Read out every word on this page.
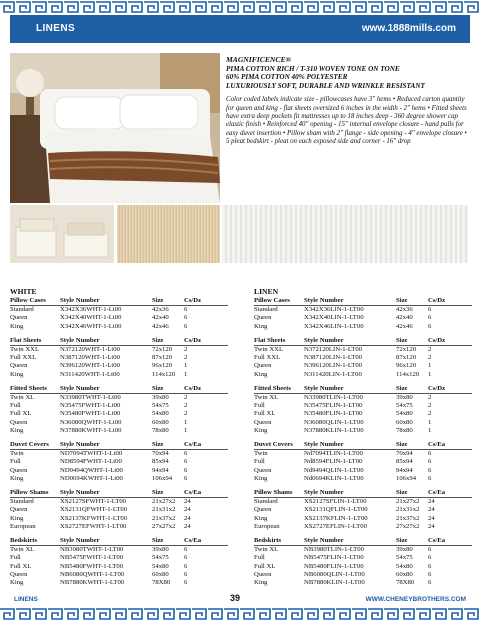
LINENS	www.1888mills.com

MAGNIFICENCE®

PIMA COTTON RICH / T-310 WOVEN TONE ON TONE

60% PIMA COTTON 40% POLYESTER

LUXURIOUSLY SOFT, DURABLE AND WRINKLE RESISTANT

Color coded labels indicate size - pillowcases have 3" hems • Reduced carton quantity for queen and king - flat sheets oversized 6 inches in the width - 2" hems • Fitted sheets have extra deep pockets fit mattresses up to 18 inches deep - 360 degree shower cap elastic finish • Reinforced 40" opening - 15" internal envelope closure - hand pulls for easy duvet insertion • Pillow sham with 2" flange - side opening - 4" envelope closure • 5 pleat bedskirt - pleat on each exposed side and corner - 16" drop

WHITE
Pillow Cases	Style Number	Size	Cs/Dz
Standard	X342X36WHT-1-Lt00	42x36	6
Queen	X342X40WHT-1-Lt00	42x40	6
King	X342X46WHT-1-Lt00	42x46	6
Flat Sheets	Style Number	Size	Cs/Dz
Twin XXL	N372120WHT-1-Lt00	72x120	2
Full XXL	N387120WHT-1-Lt00	87x120	2
Queen	N396120WHT-1-Lt00	96x120	1
King	N311420WHT-1-Lt00	114x120	1
Fitted Sheets	Style Number	Size	Cs/Dz
Twin XL	N33980TWHT-1-Lt00	39x80	2
Full	N35475FWHT-1-Lt00	54x75	2
Full XL	N35480FWHT-1-Lt00	54x80	2
Queen	N36080QWHT-1-Lt00	60x80	1
King	N37880KWHT-1-Lt00	78x80	1
Duvet Covers	Style Number	Size	Cs/Ea
Twin	ND7094TWHT-1-Lt00	70x94	6
Full	ND8594FWHT-1-Lt00	85x94	6
Queen	ND9494QWHT-1-Lt00	94x94	6
King	ND0694KWHT-1-Lt00	106x94	6
Pillow Shams	Style Number	Size	Cs/Ea
Standard	XS2127SFWHT-1-LT00	21x27x2	24
Queen	XS2131QFWHT-1-LT00	21x31x2	24
King	XS2137KFWHT-1-LT00	21x37x2	24
European	XS2727EFWHT-1-LT00	27x27x2	24
Bedskirts	Style Number	Size	Cs/Ea
Twin XL	NB3980TWHT-1-LT00	39x80	6
Full	NB5475FWHT-1-LT00	54x75	6
Full XL	NB5480FWHT-1-LT00	54x80	6
Queen	NB6080QWHT-1-LT00	60x80	6
King	NB7880KWHT-1-LT00	78X80	6
LINEN
Pillow Cases	Style Number	Size	Cs/Dz
Standard	X342X36LIN-1-LT00	42x36	6
Queen	X342X40LIN-1-LT00	42x40	6
King	X342X46LIN-1-LT00	42x46	6
Flat Sheets	Style Number	Size	Cs/Dz
Twin XXL	N372120LIN-1-LT00	72x120	2
Full XXL	N387120LIN-1-LT00	87x120	2
Queen	N396120LIN-1-LT00	96x120	1
King	N311420LIN-1-LT00	114x120	1
Fitted Sheets	Style Number	Size	Cs/Dz
Twin XL	N33980TLIN-1-LT00	39x80	2
Full	N35475FLIN-1-LT00	54x75	2
Full XL	N35480FLIN-1-LT00	54x80	2
Queen	N36080QLIN-1-LT00	60x80	1
King	N37880KLIN-1-LT00	78x80	1
Duvet Covers	Style Number	Size	Cs/Ea
Twin	Nd7094TLIN-1-LT00	70x94	6
Full	Nd8594FLIN-1-LT00	85x94	6
Queen	Nd9494QLIN-1-LT00	94x94	6
King	Nd0694KLIN-1-LT00	106x94	6
Pillow Shams	Style Number	Size	Cs/Ea
Standard	XS2127SFLIN-1-LT00	21x27x2	24
Queen	XS2131QFLIN-1-LT00	21x31x2	24
King	XS2137KFLIN-1-LT00	21x37x2	24
European	XS2727EFLIN-1-LT00	27x27x2	24
Bedskirts	Style Number	Size	Cs/Ea
Twin XL	NB3980TLIN-1-LT00	39x80	6
Full	NB5475FLIN-1-LT00	54x75	6
Full XL	NB5480FLIN-1-LT00	54x80	6
Queen	NB6080QLIN-1-LT00	60x80	6
King	NB7880KLIN-1-LT00	78X80	6
LINENS	39	WWW.CHENEYBROTHERS.COM
